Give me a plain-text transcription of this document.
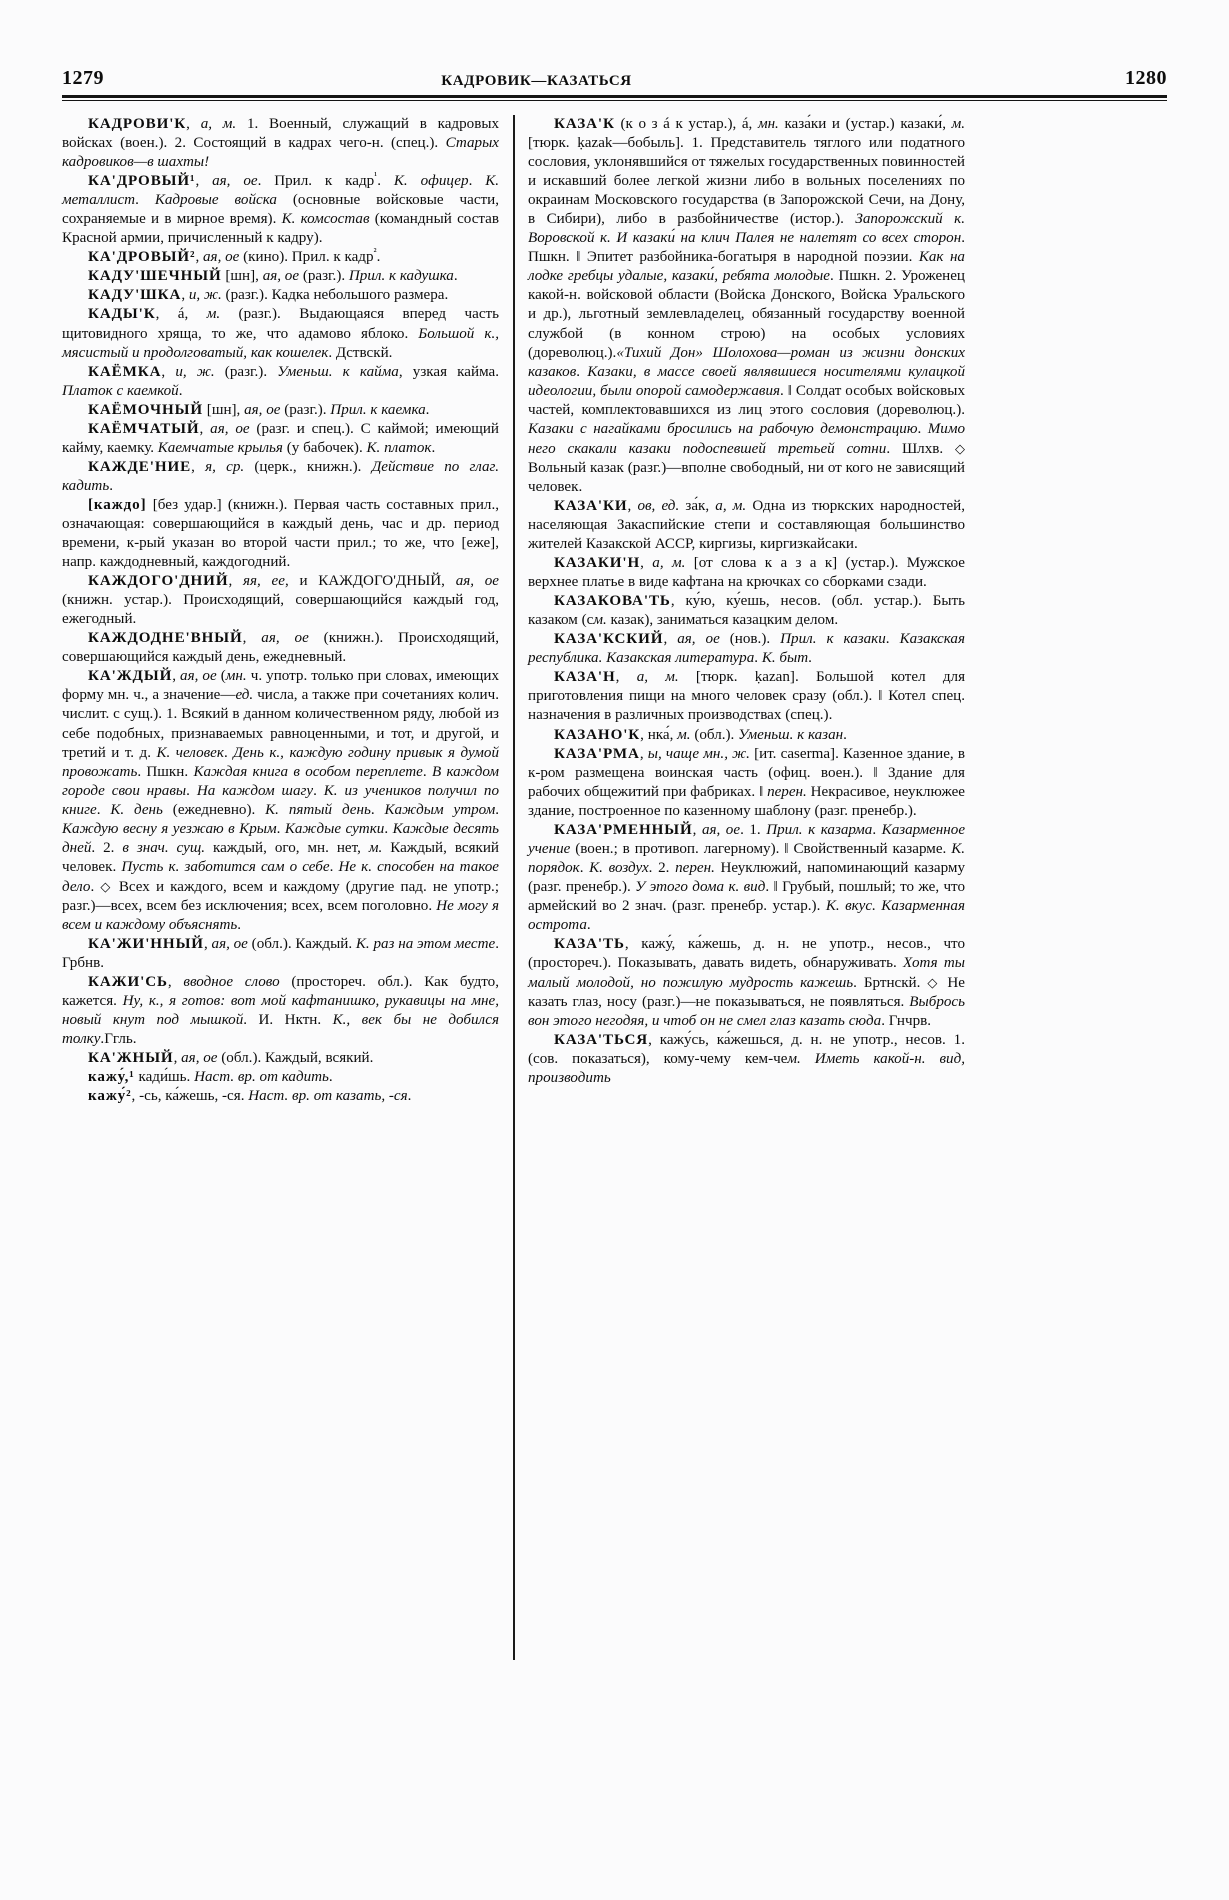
1279	КАДРОВИК—КАЗАТЬСЯ	1280

КАДРОВИ'К, а, м. 1. Военный, служащий в кадровых войсках (воен.). 2. Состоящий в кадрах чего-н. (спец.). Старых кадровиков—в шахты!

КА'ДРОВЫЙ¹, ая, ое. Прил. к кадр$^{^1}$. К. офицер. К. металлист. Кадровые войска (основные войсковые части, сохраняемые и в мирное время). К. комсостав (командный состав Красной армии, причисленный к кадру).

КА'ДРОВЫЙ², ая, ое (кино). Прил. к кадр$^{^2}$.

КАДУ'ШЕЧНЫЙ [шн], ая, ое (разг.). Прил. к кадушка.

КАДУ'ШКА, и, ж. (разг.). Кадка небольшого размера.

КАДЫ'К, á, м. (разг.). Выдающаяся вперед часть щитовидного хряща, то же, что адамово яблоко. Большой к., мясистый и продолговатый, как кошелек. Дствскй.

КАЁМКА, и, ж. (разг.). Уменьш. к кайма, узкая кайма. Платок с каемкой.

КАЁМОЧНЫЙ [шн], ая, ое (разг.). Прил. к каемка.

КАЁМЧАТЫЙ, ая, ое (разг. и спец.). С каймой; имеющий кайму, каемку. Каемчатые крылья (у бабочек). К. платок.

КАЖДЕ'НИЕ, я, ср. (церк., книжн.). Действие по глаг. кадить.

[каждо] [без удар.] (книжн.). Первая часть составных прил., означающая: совершающийся в каждый день, час и др. период времени, к-рый указан во второй части прил.; то же, что [еже], напр. каждодневный, каждогодний.

КАЖДОГО'ДНИЙ, яя, ее, и КАЖДОГО'ДНЫЙ, ая, ое (книжн. устар.). Происходящий, совершающийся каждый год, ежегодный.

КАЖДОДНЕ'ВНЫЙ, ая, ое (книжн.). Происходящий, совершающийся каждый день, ежедневный.

КА'ЖДЫЙ, ая, ое (мн. ч. употр. только при словах, имеющих форму мн. ч., а значение—ед. числа, а также при сочетаниях колич. числит. с сущ.). 1. Всякий в данном количественном ряду, любой из себе подобных, признаваемых равноценными, и тот, и другой, и третий и т. д. К. человек. День к., каждую годину привык я думой провожать. Пшкн. Каждая книга в особом переплете. В каждом городе свои нравы. На каждом шагу. К. из учеников получил по книге. К. день (ежедневно). К. пятый день. Каждым утром. Каждую весну я уезжаю в Крым. Каждые сутки. Каждые десять дней. 2. в знач. сущ. каждый, ого, мн. нет, м. Каждый, всякий человек. Пусть к. заботится сам о себе. Не к. способен на такое дело. ◇ Всех и каждого, всем и каждому (другие пад. не употр.; разг.)—всех, всем без исключения; всех, всем поголовно. Не могу я всем и каждому объяснять.

КА'ЖИ'ННЫЙ, ая, ое (обл.). Каждый. К. раз на этом месте. Грбнв.

КАЖИ'СЬ, вводное слово (простореч. обл.). Как будто, кажется. Ну, к., я готов: вот мой кафтанишко, рукавицы на мне, новый кнут под мышкой. И. Нктн. К., век бы не добился толку.Ггль.

КА'ЖНЫЙ, ая, ое (обл.). Каждый, всякий.

кажу́,¹ кади́шь. Наст. вр. от кадить.

кажу́², -сь, ка́жешь, -ся. Наст. вр. от казать, -ся.

КАЗА'К (к о з á к устар.), á, мн. каза́ки и (устар.) казаки́, м. [тюрк. ḳazak—бобыль]. 1. Представитель тяглого или податного сословия, уклонявшийся от тяжелых государственных повинностей и искавший более легкой жизни либо в вольных поселениях по окраинам Московского государства (в Запорожской Сечи, на Дону, в Сибири), либо в разбойничестве (истор.). Запорожский к. Воровской к. И казаки́ на клич Палея не налетят со всех сторон. Пшкн. ‖ Эпитет разбойника-богатыря в народной поэзии. Как на лодке гребцы удалые, казаки́, ребята молодые. Пшкн. 2. Уроженец какой-н. войсковой области (Войска Донского, Войска Уральского и др.), льготный землевладелец, обязанный государству военной службой (в конном строю) на особых условиях (дореволюц.).«Тихий Дон» Шолохова—роман из жизни донских казаков. Казаки, в массе своей являвшиеся носителями кулацкой идеологии, были опорой самодержавия. ‖ Солдат особых войсковых частей, комплектовавшихся из лиц этого сословия (дореволюц.). Казаки с нагайками бросились на рабочую демонстрацию. Мимо него скакали казаки подоспевшей третьей сотни. Шлхв. ◇ Вольный казак (разг.)—вполне свободный, ни от кого не зависящий человек.

КАЗА'КИ, ов, ед. за́к, а, м. Одна из тюркских народностей, населяющая Закаспийские степи и составляющая большинство жителей Казакской АССР, киргизы, киргизкайсаки.

КАЗАКИ'Н, а, м. [от слова к а з а к] (устар.). Мужское верхнее платье в виде кафтана на крючках со сборками сзади.

КАЗАКОВА'ТЬ, ку́ю, ку́ешь, несов. (обл. устар.). Быть казаком (см. казак), заниматься казацким делом.

КАЗА'КСКИЙ, ая, ое (нов.). Прил. к казаки. Казакская республика. Казакская литература. К. быт.

КАЗА'Н, а, м. [тюрк. ḳazan]. Большой котел для приготовления пищи на много человек сразу (обл.). ‖ Котел спец. назначения в различных производствах (спец.).

КАЗАНО'К, нка́, м. (обл.). Уменьш. к казан.

КАЗА'РМА, ы, чаще мн., ж. [ит. caserma]. Казенное здание, в к-ром размещена воинская часть (офиц. воен.). ‖ Здание для рабочих общежитий при фабриках. ‖ перен. Некрасивое, неуклюжее здание, построенное по казенному шаблону (разг. пренебр.).

КАЗА'РМЕННЫЙ, ая, ое. 1. Прил. к казарма. Казарменное учение (воен.; в противоп. лагерному). ‖ Свойственный казарме. К. порядок. К. воздух. 2. перен. Неуклюжий, напоминающий казарму (разг. пренебр.). У этого дома к. вид. ‖ Грубый, пошлый; то же, что армейский во 2 знач. (разг. пренебр. устар.). К. вкус. Казарменная острота.

КАЗА'ТЬ, кажу́, ка́жешь, д. н. не употр., несов., что (простореч.). Показывать, давать видеть, обнаруживать. Хотя ты малый молодой, но пожилую мудрость кажешь. Бртнскй. ◇ Не казать глаз, носу (разг.)—не показываться, не появляться. Выбрось вон этого негодяя, и чтоб он не смел глаз казать сюда. Гнчрв.

КАЗА'ТЬСЯ, кажу́сь, ка́жешься, д. н. не употр., несов. 1. (сов. показаться), кому-чему кем-чем. Иметь какой-н. вид, производить
